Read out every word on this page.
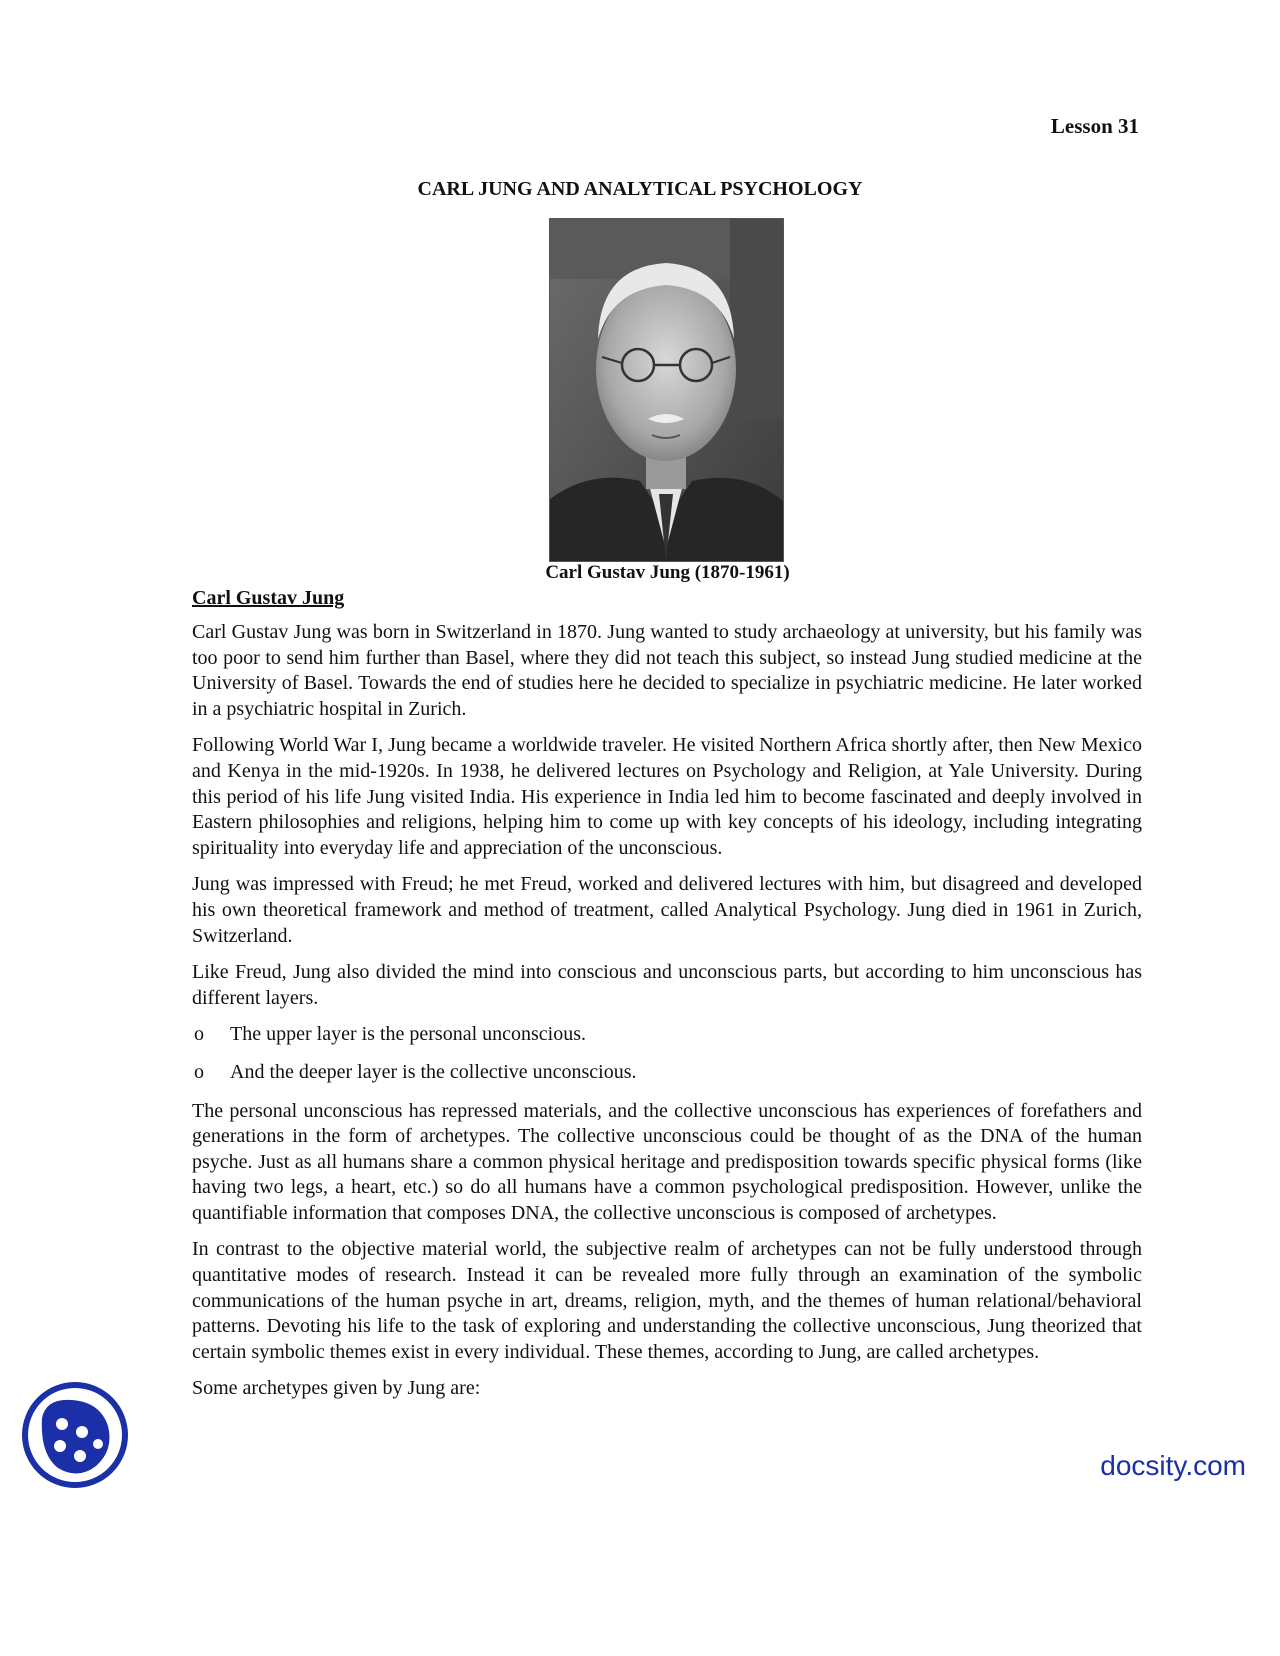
Lesson 31
CARL JUNG AND ANALYTICAL PSYCHOLOGY
Carl Gustav Jung (1870-1961)
Carl Gustav Jung

Carl Gustav Jung was born in Switzerland in 1870. Jung wanted to study archaeology at university, but his family was too poor to send him further than Basel, where they did not teach this subject, so instead Jung studied medicine at the University of Basel. Towards the end of studies here he decided to specialize in psychiatric medicine. He later worked in a psychiatric hospital in Zurich.

Following World War I, Jung became a worldwide traveler. He visited Northern Africa shortly after, then New Mexico and Kenya in the mid-1920s. In 1938, he delivered lectures on Psychology and Religion, at Yale University. During this period of his life Jung visited India. His experience in India led him to become fascinated and deeply involved in Eastern philosophies and religions, helping him to come up with key concepts of his ideology, including integrating spirituality into everyday life and appreciation of the unconscious.

Jung was impressed with Freud; he met Freud, worked and delivered lectures with him, but disagreed and developed his own theoretical framework and method of treatment, called Analytical Psychology. Jung died in 1961 in Zurich, Switzerland.

Like Freud, Jung also divided the mind into conscious and unconscious parts, but according to him unconscious has different layers.

o The upper layer is the personal unconscious.
o And the deeper layer is the collective unconscious.

The personal unconscious has repressed materials, and the collective unconscious has experiences of forefathers and generations in the form of archetypes. The collective unconscious could be thought of as the DNA of the human psyche. Just as all humans share a common physical heritage and predisposition towards specific physical forms (like having two legs, a heart, etc.) so do all humans have a common psychological predisposition. However, unlike the quantifiable information that composes DNA, the collective unconscious is composed of archetypes.

In contrast to the objective material world, the subjective realm of archetypes can not be fully understood through quantitative modes of research. Instead it can be revealed more fully through an examination of the symbolic communications of the human psyche in art, dreams, religion, myth, and the themes of human relational/behavioral patterns. Devoting his life to the task of exploring and understanding the collective unconscious, Jung theorized that certain symbolic themes exist in every individual. These themes, according to Jung, are called archetypes.

Some archetypes given by Jung are:

docsity.com
